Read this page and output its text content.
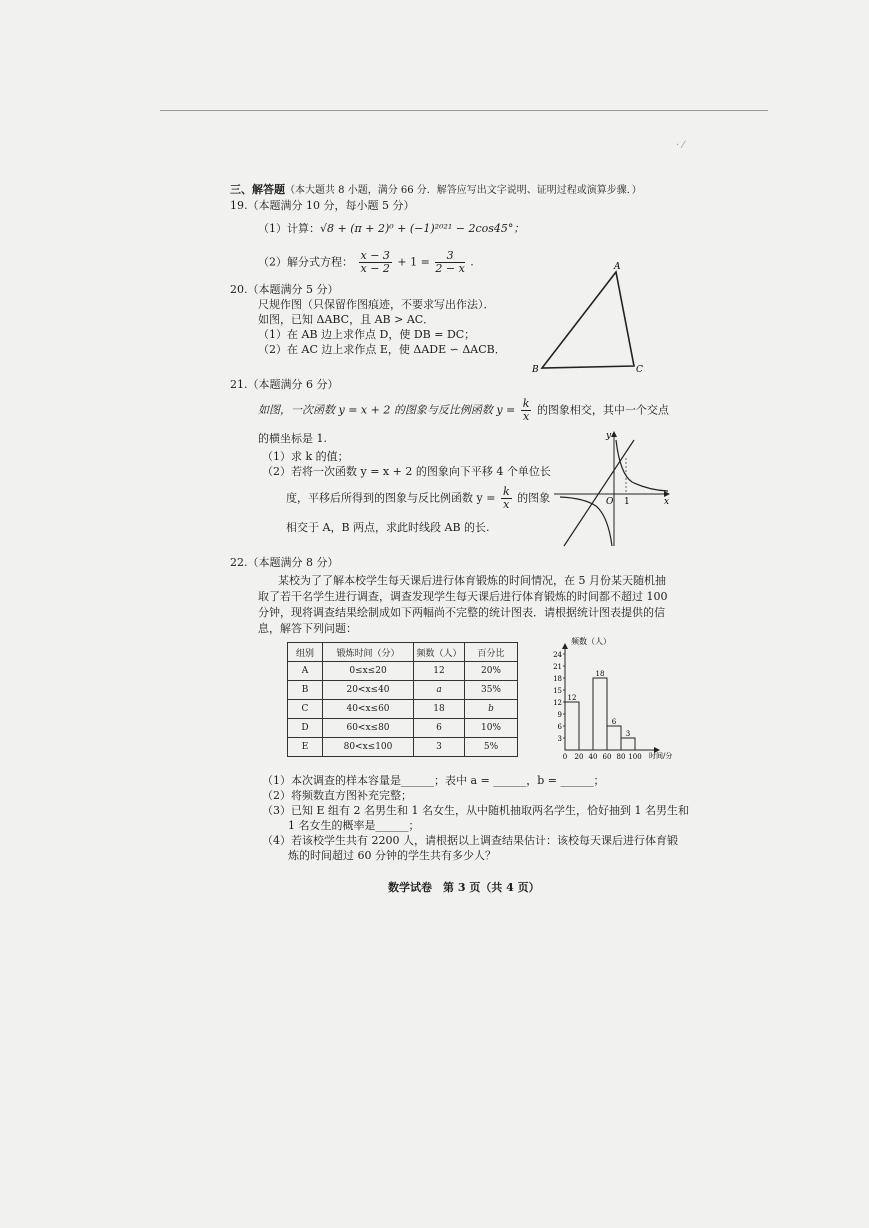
· ⁄
三、解答题（本大题共 8 小题，满分 66 分．解答应写出文字说明、证明过程或演算步骤．）
19.（本题满分 10 分，每小题 5 分）
（1）计算：√8 + (π + 2)⁰ + (−1)²⁰²¹ − 2cos45°；
（2）解分式方程： $\frac{x - 3}{x - 2} + 1 = \frac{3}{2 - x}$ .
20.（本题满分 5 分）
尺规作图（只保留作图痕迹，不要求写出作法）．
如图，已知 ΔABC，且 AB > AC．
（1）在 AB 边上求作点 D，使 DB = DC；
（2）在 AC 边上求作点 E，使 ΔADE ∽ ΔACB．
A
B	C
21.（本题满分 6 分）
如图，一次函数 y = x + 2 的图象与反比例函数 $y = \frac{k}{x}$ 的图象相交，其中一个交点
的横坐标是 1.
（1）求 k 的值；
（2）若将一次函数 y = x + 2 的图象向下平移 4 个单位长
度，平移后所得到的图象与反比例函数 $y = \frac{k}{x}$ 的图象
相交于 A，B 两点，求此时线段 AB 的长.
y
x
O 1
22.（本题满分 8 分）
某校为了了解本校学生每天课后进行体育锻炼的时间情况，在 5 月份某天随机抽
取了若干名学生进行调查，调查发现学生每天课后进行体育锻炼的时间都不超过 100
分钟，现将调查结果绘制成如下两幅尚不完整的统计图表．请根据统计图表提供的信
息，解答下列问题：
组别	锻炼时间（分）	频数（人）	百分比
A	0≤x≤20	12	20%
B	20<x≤40	a	35%
C	40<x≤60	18	b
D	60<x≤80	6	10%
E	80<x≤100	3	5%
3
6
9
12
15
18
21
24
0 20 40 60 80 100
12
18
6
3
频数（人）
时间/分
（1）本次调查的样本容量是______；表中 a = ______，b = ______；
（2）将频数直方图补充完整；
（3）已知 E 组有 2 名男生和 1 名女生，从中随机抽取两名学生，恰好抽到 1 名男生和
1 名女生的概率是______；
（4）若该校学生共有 2200 人，请根据以上调查结果估计：该校每天课后进行体育锻
炼的时间超过 60 分钟的学生共有多少人？
数学试卷　第 3 页（共 4 页）
